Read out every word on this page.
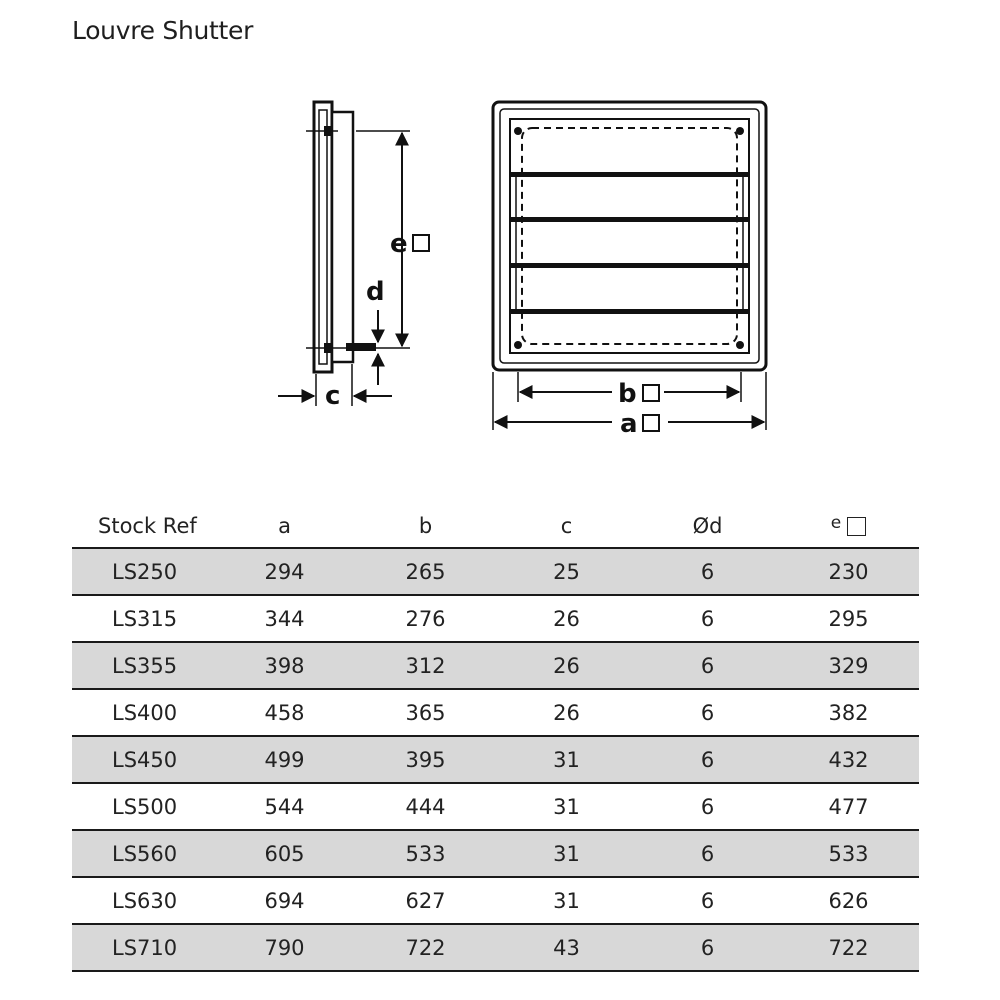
Louvre Shutter
e
d
c	b
a
Stock Ref	a	b	c	Ød	$^e$
LS250	294	265	25	6	230
LS315	344	276	26	6	295
LS355	398	312	26	6	329
LS400	458	365	26	6	382
LS450	499	395	31	6	432
LS500	544	444	31	6	477
LS560	605	533	31	6	533
LS630	694	627	31	6	626
LS710	790	722	43	6	722
